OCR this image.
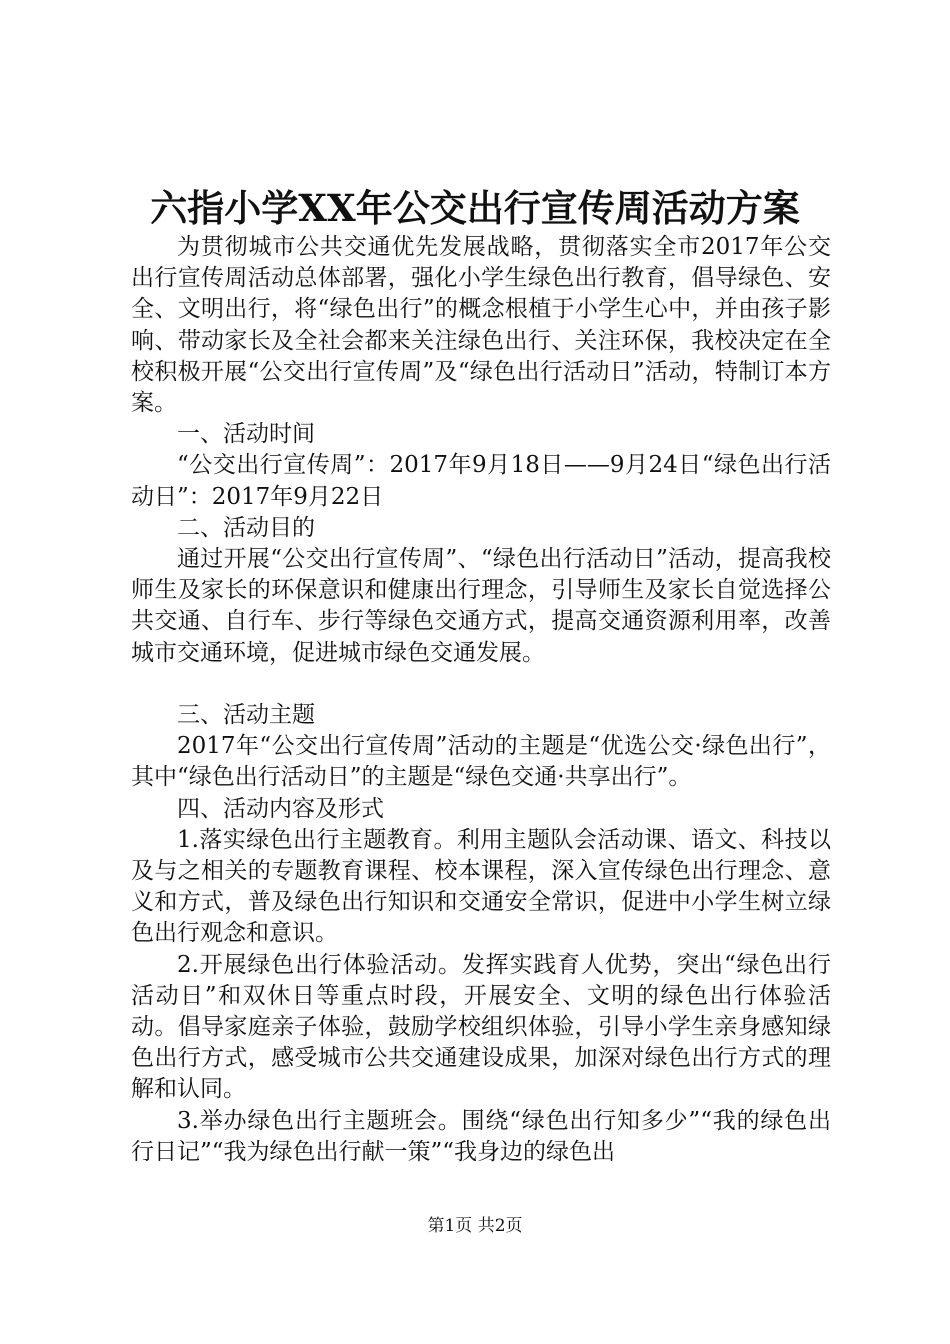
六指小学XX年公交出行宣传周活动方案

为贯彻城市公共交通优先发展战略，贯彻落实全市2017年公交出行宣传周活动总体部署，强化小学生绿色出行教育，倡导绿色、安全、文明出行，将“绿色出行”的概念根植于小学生心中，并由孩子影响、带动家长及全社会都来关注绿色出行、关注环保，我校决定在全校积极开展“公交出行宣传周”及“绿色出行活动日”活动，特制订本方案。

一、活动时间

“公交出行宣传周”：2017年9月18日——9月24日“绿色出行活动日”：2017年9月22日

二、活动目的

通过开展“公交出行宣传周”、“绿色出行活动日”活动，提高我校师生及家长的环保意识和健康出行理念，引导师生及家长自觉选择公共交通、自行车、步行等绿色交通方式，提高交通资源利用率，改善城市交通环境，促进城市绿色交通发展。

三、活动主题

2017年“公交出行宣传周”活动的主题是“优选公交·绿色出行”，其中“绿色出行活动日”的主题是“绿色交通·共享出行”。

四、活动内容及形式

1.落实绿色出行主题教育。利用主题队会活动课、语文、科技以及与之相关的专题教育课程、校本课程，深入宣传绿色出行理念、意义和方式，普及绿色出行知识和交通安全常识，促进中小学生树立绿色出行观念和意识。

2.开展绿色出行体验活动。发挥实践育人优势，突出“绿色出行活动日”和双休日等重点时段，开展安全、文明的绿色出行体验活动。倡导家庭亲子体验，鼓励学校组织体验，引导小学生亲身感知绿色出行方式，感受城市公共交通建设成果，加深对绿色出行方式的理解和认同。

3.举办绿色出行主题班会。围绕“绿色出行知多少”“我的绿色出行日记”“我为绿色出行献一策”“我身边的绿色出

第1页 共2页
